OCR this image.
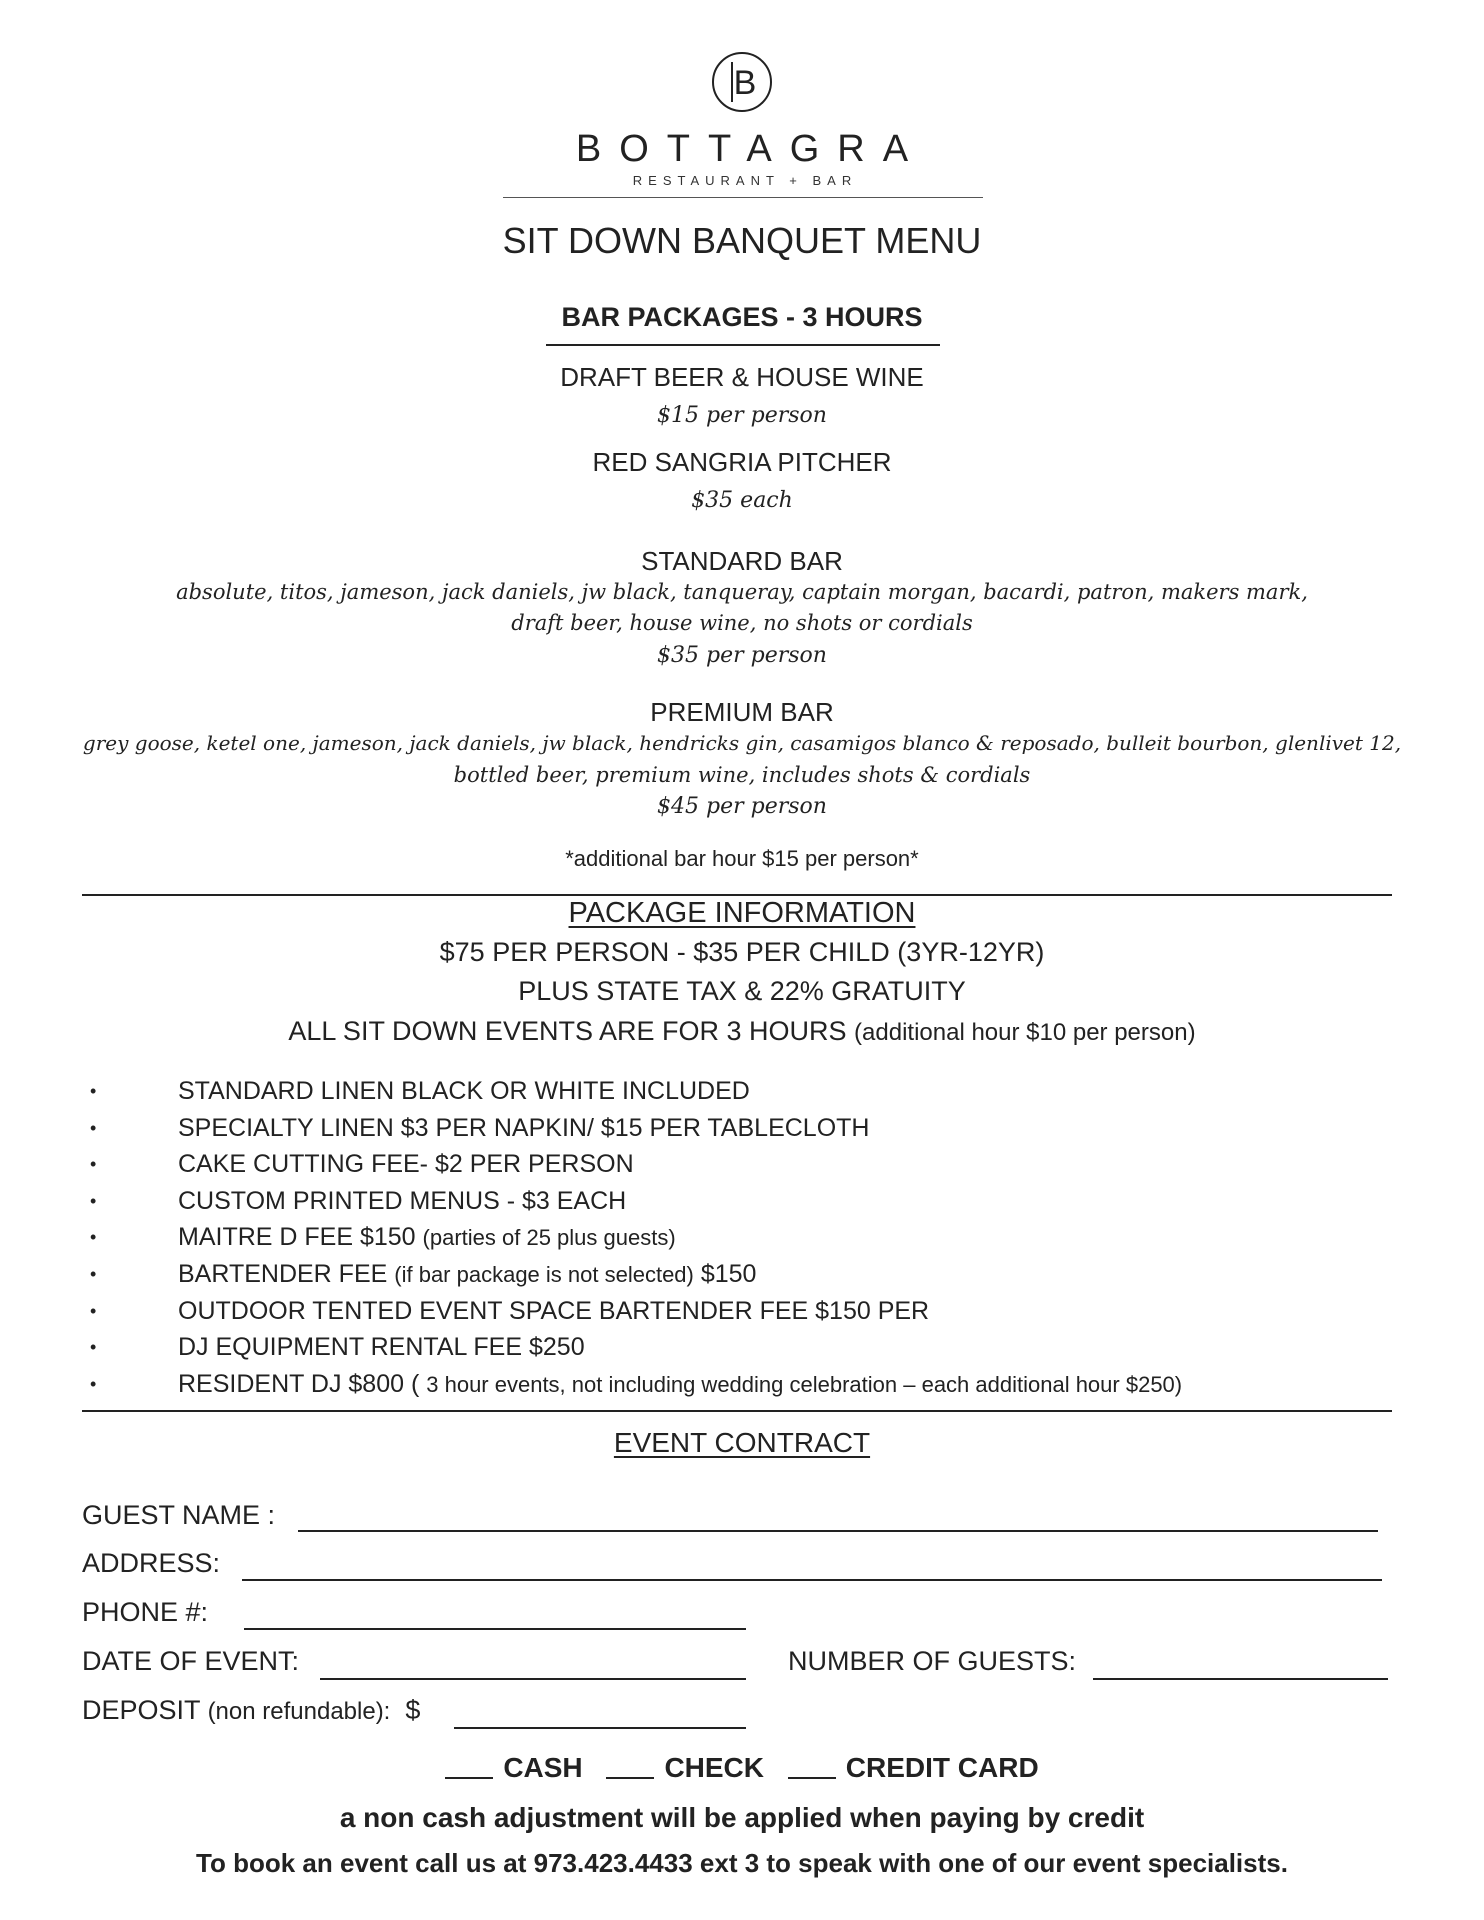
B
BOTTAGRA
RESTAURANT + BAR
SIT DOWN BANQUET MENU
BAR PACKAGES - 3 HOURS
DRAFT BEER & HOUSE WINE
$15 per person
RED SANGRIA PITCHER
$35 each
STANDARD BAR
absolute, titos, jameson, jack daniels, jw black, tanqueray, captain morgan, bacardi, patron, makers mark,
draft beer, house wine, no shots or cordials
$35 per person
PREMIUM BAR
grey goose, ketel one, jameson, jack daniels, jw black, hendricks gin, casamigos blanco & reposado, bulleit bourbon, glenlivet 12,
bottled beer, premium wine, includes shots & cordials
$45 per person
*additional bar hour $15 per person*
PACKAGE INFORMATION
$75 PER PERSON - $35 PER CHILD (3YR-12YR)
PLUS STATE TAX & 22% GRATUITY
ALL SIT DOWN EVENTS ARE FOR 3 HOURS (additional hour $10 per person)
•	STANDARD LINEN BLACK OR WHITE INCLUDED
•	SPECIALTY LINEN $3 PER NAPKIN/ $15 PER TABLECLOTH
•	CAKE CUTTING FEE- $2 PER PERSON
•	CUSTOM PRINTED MENUS - $3 EACH
•	MAITRE D FEE $150 (parties of 25 plus guests)
•	BARTENDER FEE (if bar package is not selected) $150
•	OUTDOOR TENTED EVENT SPACE BARTENDER FEE $150 PER
•	DJ EQUIPMENT RENTAL FEE $250
•	RESIDENT DJ $800 ( 3 hour events, not including wedding celebration – each additional hour $250)
EVENT CONTRACT
GUEST NAME :
ADDRESS:
PHONE #:
DATE OF EVENT:	NUMBER OF GUESTS:
DEPOSIT (non refundable): $
CASH	CHECK	CREDIT CARD
a non cash adjustment will be applied when paying by credit
To book an event call us at 973.423.4433 ext 3 to speak with one of our event specialists.
